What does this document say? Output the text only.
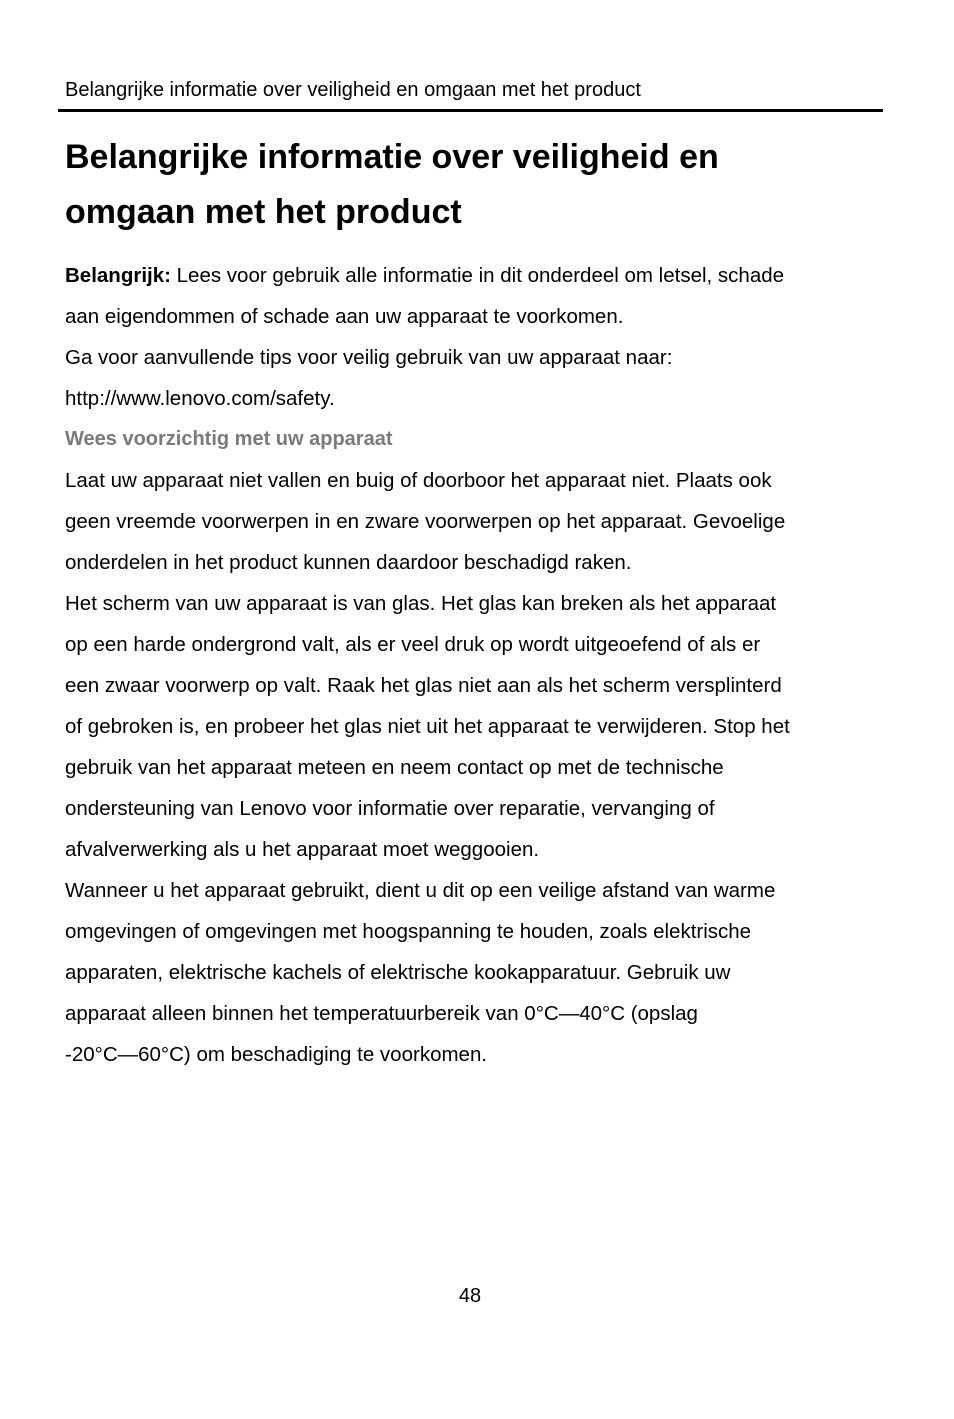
Belangrijke informatie over veiligheid en omgaan met het product
Belangrijke informatie over veiligheid en
omgaan met het product

Belangrijk: Lees voor gebruik alle informatie in dit onderdeel om letsel, schade

aan eigendommen of schade aan uw apparaat te voorkomen.

Ga voor aanvullende tips voor veilig gebruik van uw apparaat naar:

http://www.lenovo.com/safety.

Wees voorzichtig met uw apparaat

Laat uw apparaat niet vallen en buig of doorboor het apparaat niet. Plaats ook

geen vreemde voorwerpen in en zware voorwerpen op het apparaat. Gevoelige

onderdelen in het product kunnen daardoor beschadigd raken.

Het scherm van uw apparaat is van glas. Het glas kan breken als het apparaat

op een harde ondergrond valt, als er veel druk op wordt uitgeoefend of als er

een zwaar voorwerp op valt. Raak het glas niet aan als het scherm versplinterd

of gebroken is, en probeer het glas niet uit het apparaat te verwijderen. Stop het

gebruik van het apparaat meteen en neem contact op met de technische

ondersteuning van Lenovo voor informatie over reparatie, vervanging of

afvalverwerking als u het apparaat moet weggooien.

Wanneer u het apparaat gebruikt, dient u dit op een veilige afstand van warme

omgevingen of omgevingen met hoogspanning te houden, zoals elektrische

apparaten, elektrische kachels of elektrische kookapparatuur. Gebruik uw

apparaat alleen binnen het temperatuurbereik van 0°C—40°C (opslag

-20°C—60°C) om beschadiging te voorkomen.

48
